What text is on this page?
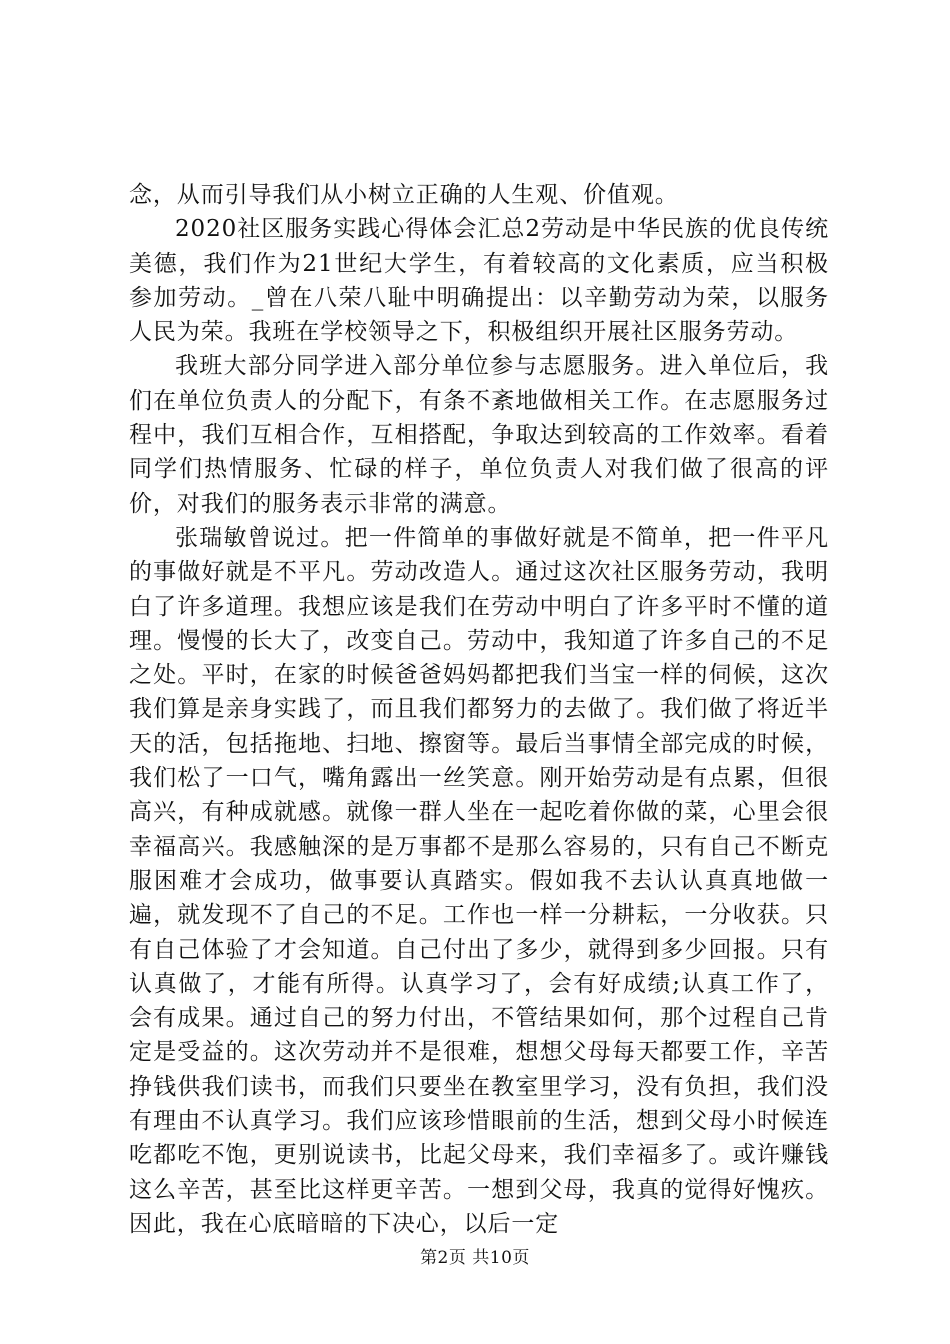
念，从而引导我们从小树立正确的人生观、价值观。

2020社区服务实践心得体会汇总2劳动是中华民族的优良传统美德，我们作为21世纪大学生，有着较高的文化素质，应当积极参加劳动。_曾在八荣八耻中明确提出：以辛勤劳动为荣，以服务人民为荣。我班在学校领导之下，积极组织开展社区服务劳动。

我班大部分同学进入部分单位参与志愿服务。进入单位后，我们在单位负责人的分配下，有条不紊地做相关工作。在志愿服务过程中，我们互相合作，互相搭配，争取达到较高的工作效率。看着同学们热情服务、忙碌的样子，单位负责人对我们做了很高的评价，对我们的服务表示非常的满意。

张瑞敏曾说过。把一件简单的事做好就是不简单，把一件平凡的事做好就是不平凡。劳动改造人。通过这次社区服务劳动，我明白了许多道理。我想应该是我们在劳动中明白了许多平时不懂的道理。慢慢的长大了，改变自己。劳动中，我知道了许多自己的不足之处。平时，在家的时候爸爸妈妈都把我们当宝一样的伺候，这次我们算是亲身实践了，而且我们都努力的去做了。我们做了将近半天的活，包括拖地、扫地、擦窗等。最后当事情全部完成的时候，我们松了一口气，嘴角露出一丝笑意。刚开始劳动是有点累，但很高兴，有种成就感。就像一群人坐在一起吃着你做的菜，心里会很幸福高兴。我感触深的是万事都不是那么容易的，只有自己不断克服困难才会成功，做事要认真踏实。假如我不去认认真真地做一遍，就发现不了自己的不足。工作也一样一分耕耘，一分收获。只有自己体验了才会知道。自己付出了多少，就得到多少回报。只有认真做了，才能有所得。认真学习了，会有好成绩;认真工作了，会有成果。通过自己的努力付出，不管结果如何，那个过程自己肯定是受益的。这次劳动并不是很难，想想父母每天都要工作，辛苦挣钱供我们读书，而我们只要坐在教室里学习，没有负担，我们没有理由不认真学习。我们应该珍惜眼前的生活，想到父母小时候连吃都吃不饱，更别说读书，比起父母来，我们幸福多了。或许赚钱这么辛苦，甚至比这样更辛苦。一想到父母，我真的觉得好愧疚。因此，我在心底暗暗的下决心，以后一定

第2页 共10页
